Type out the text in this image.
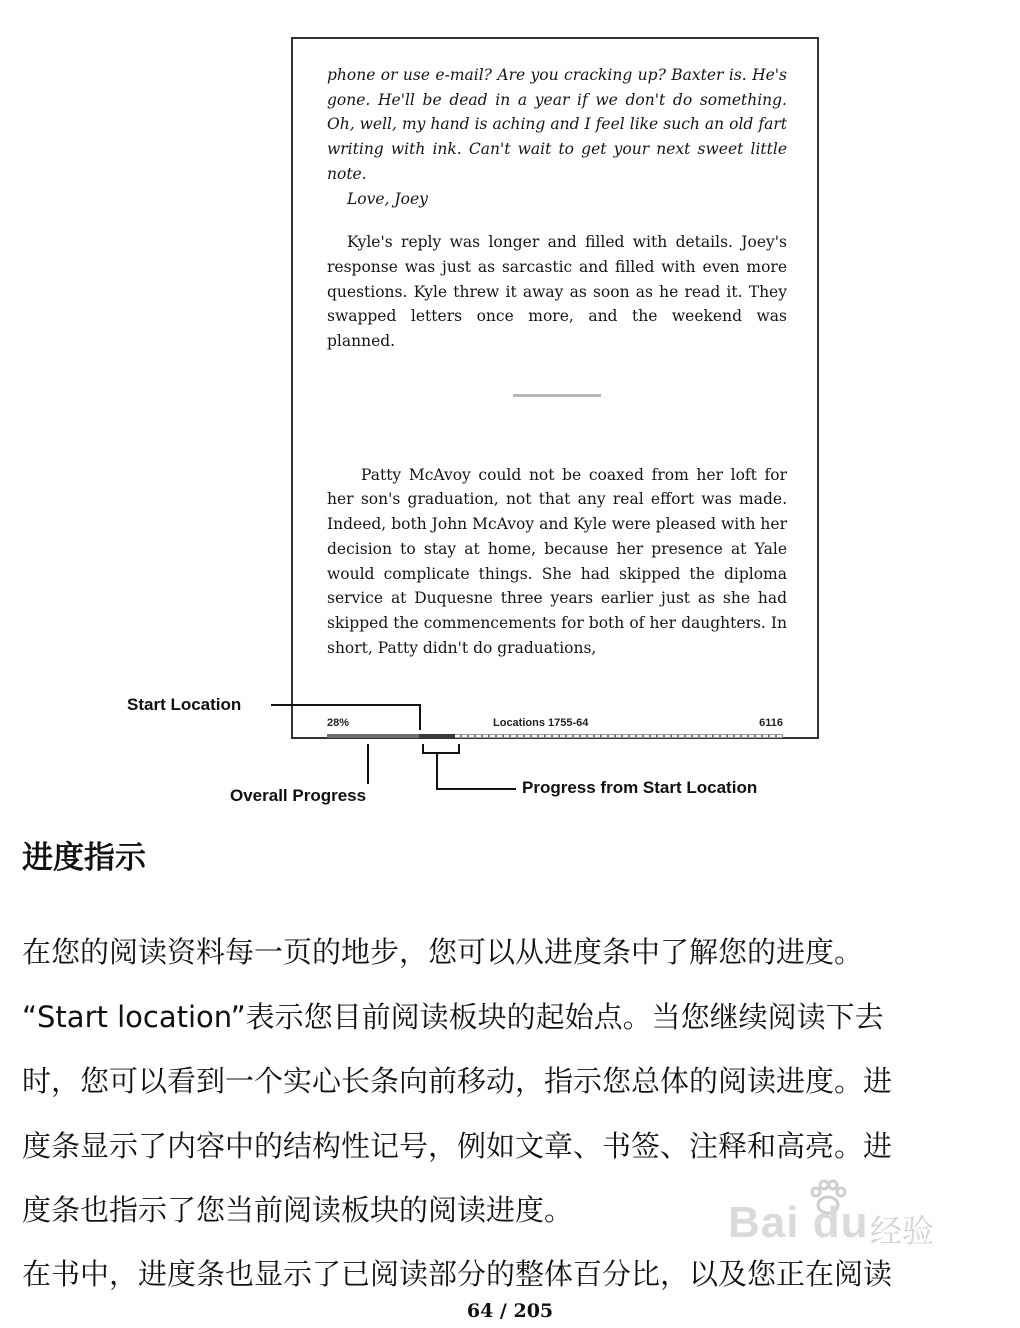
phone or use e-mail? Are you cracking up? Baxter is. He's gone. He'll be dead in a year if we don't do something. Oh, well, my hand is aching and I feel like such an old fart writing with ink. Can't wait to get your next sweet little note.

Love, Joey

Kyle's reply was longer and filled with details. Joey's response was just as sarcastic and filled with even more questions. Kyle threw it away as soon as he read it. They swapped letters once more, and the weekend was planned.

Patty McAvoy could not be coaxed from her loft for her son's graduation, not that any real effort was made. Indeed, both John McAvoy and Kyle were pleased with her decision to stay at home, because her presence at Yale would complicate things. She had skipped the diploma service at Duquesne three years earlier just as she had skipped the commencements for both of her daughters. In short, Patty didn't do graduations,

28%	Locations 1755-64	6116
Start Location
Overall Progress	Progress from Start Location
进度指示

在您的阅读资料每一页的地步，您可以从进度条中了解您的进度。

“Start location”表示您目前阅读板块的起始点。当您继续阅读下去

时，您可以看到一个实心长条向前移动，指示您总体的阅读进度。进

度条显示了内容中的结构性记号，例如文章、书签、注释和高亮。进

度条也指示了您当前阅读板块的阅读进度。	Bai du 经验

在书中，进度条也显示了已阅读部分的整体百分比，以及您正在阅读

64 / 205
